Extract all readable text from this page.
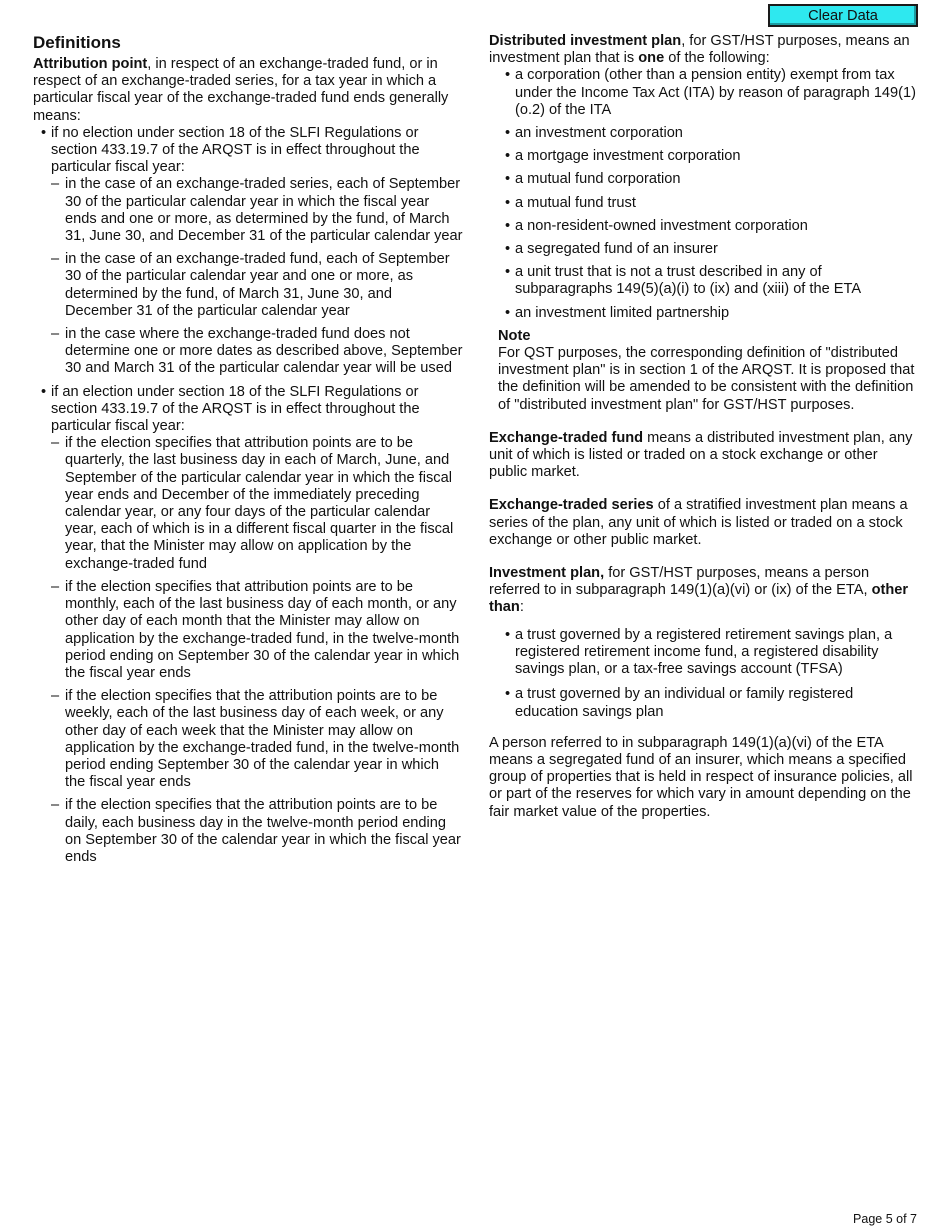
Clear Data
Definitions

Attribution point, in respect of an exchange-traded fund, or in respect of an exchange-traded series, for a tax year in which a particular fiscal year of the exchange-traded fund ends generally means:

• if no election under section 18 of the SLFI Regulations or section 433.19.7 of the ARQST is in effect throughout the particular fiscal year:
– in the case of an exchange-traded series, each of September 30 of the particular calendar year in which the fiscal year ends and one or more, as determined by the fund, of March 31, June 30, and December 31 of the particular calendar year
– in the case of an exchange-traded fund, each of September 30 of the particular calendar year and one or more, as determined by the fund, of March 31, June 30, and December 31 of the particular calendar year
– in the case where the exchange-traded fund does not determine one or more dates as described above, September 30 and March 31 of the particular calendar year will be used
• if an election under section 18 of the SLFI Regulations or section 433.19.7 of the ARQST is in effect throughout the particular fiscal year:
– if the election specifies that attribution points are to be quarterly, the last business day in each of March, June, and September of the particular calendar year in which the fiscal year ends and December of the immediately preceding calendar year, or any four days of the particular calendar year, each of which is in a different fiscal quarter in the fiscal year, that the Minister may allow on application by the exchange-traded fund
– if the election specifies that attribution points are to be monthly, each of the last business day of each month, or any other day of each month that the Minister may allow on application by the exchange-traded fund, in the twelve-month period ending on September 30 of the calendar year in which the fiscal year ends
– if the election specifies that the attribution points are to be weekly, each of the last business day of each week, or any other day of each week that the Minister may allow on application by the exchange-traded fund, in the twelve-month period ending September 30 of the calendar year in which the fiscal year ends
– if the election specifies that the attribution points are to be daily, each business day in the twelve-month period ending on September 30 of the calendar year in which the fiscal year ends

Distributed investment plan, for GST/HST purposes, means an investment plan that is one of the following:

• a corporation (other than a pension entity) exempt from tax under the Income Tax Act (ITA) by reason of paragraph 149(1)(o.2) of the ITA
• an investment corporation
• a mortgage investment corporation
• a mutual fund corporation
• a mutual fund trust
• a non-resident-owned investment corporation
• a segregated fund of an insurer
• a unit trust that is not a trust described in any of subparagraphs 149(5)(a)(i) to (ix) and (xiii) of the ETA
• an investment limited partnership
Note
For QST purposes, the corresponding definition of "distributed investment plan" is in section 1 of the ARQST. It is proposed that the definition will be amended to be consistent with the definition of "distributed investment plan" for GST/HST purposes.

Exchange-traded fund means a distributed investment plan, any unit of which is listed or traded on a stock exchange or other public market.

Exchange-traded series of a stratified investment plan means a series of the plan, any unit of which is listed or traded on a stock exchange or other public market.

Investment plan, for GST/HST purposes, means a person referred to in subparagraph 149(1)(a)(vi) or (ix) of the ETA, other than:

• a trust governed by a registered retirement savings plan, a registered retirement income fund, a registered disability savings plan, or a tax-free savings account (TFSA)
• a trust governed by an individual or family registered education savings plan

A person referred to in subparagraph 149(1)(a)(vi) of the ETA means a segregated fund of an insurer, which means a specified group of properties that is held in respect of insurance policies, all or part of the reserves for which vary in amount depending on the fair market value of the properties.

Page 5 of 7
